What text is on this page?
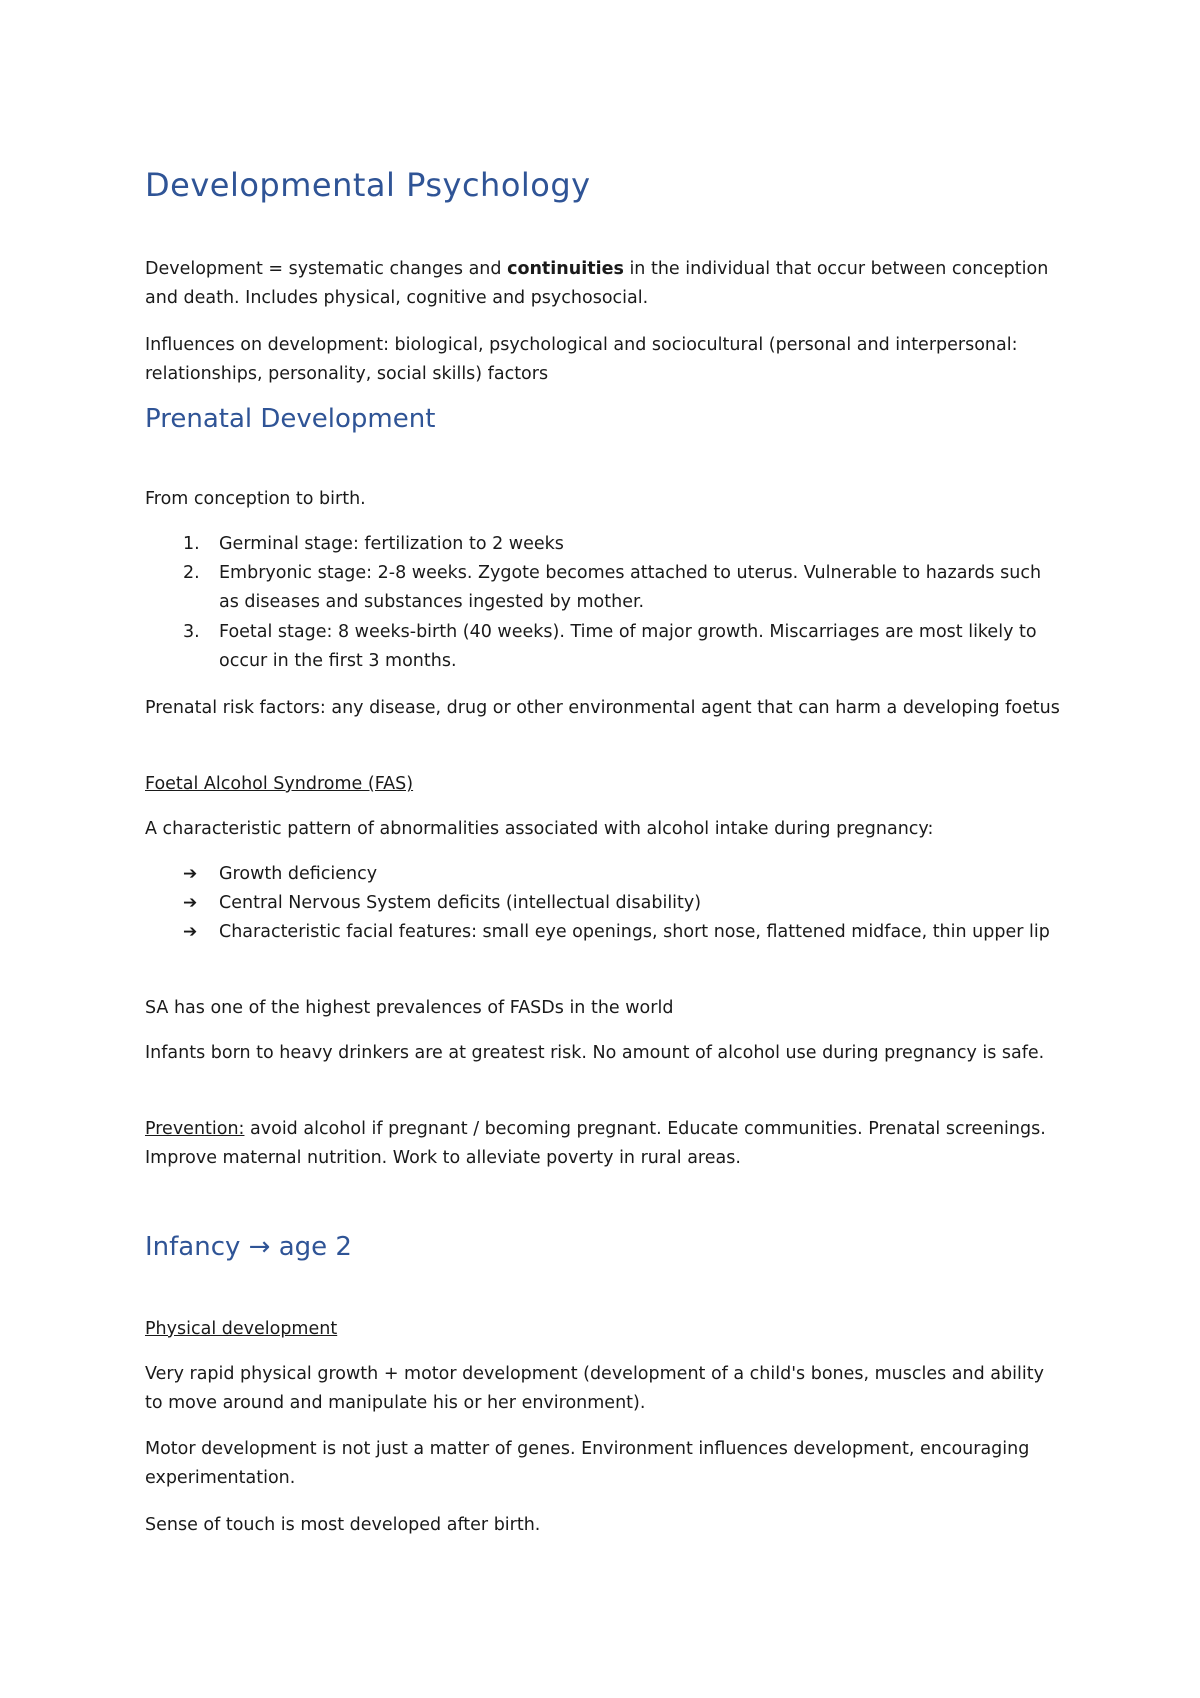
Developmental Psychology

Development = systematic changes and continuities in the individual that occur between conception and death. Includes physical, cognitive and psychosocial.

Influences on development: biological, psychological and sociocultural (personal and interpersonal: relationships, personality, social skills) factors

Prenatal Development

From conception to birth.

1.	Germinal stage: fertilization to 2 weeks
2.	Embryonic stage: 2-8 weeks. Zygote becomes attached to uterus. Vulnerable to hazards such as diseases and substances ingested by mother.
3.	Foetal stage: 8 weeks-birth (40 weeks). Time of major growth. Miscarriages are most likely to occur in the first 3 months.

Prenatal risk factors: any disease, drug or other environmental agent that can harm a developing foetus

Foetal Alcohol Syndrome (FAS)

A characteristic pattern of abnormalities associated with alcohol intake during pregnancy:

➔	Growth deficiency
➔	Central Nervous System deficits (intellectual disability)
➔	Characteristic facial features: small eye openings, short nose, flattened midface, thin upper lip

SA has one of the highest prevalences of FASDs in the world

Infants born to heavy drinkers are at greatest risk. No amount of alcohol use during pregnancy is safe.

Prevention: avoid alcohol if pregnant / becoming pregnant. Educate communities. Prenatal screenings. Improve maternal nutrition. Work to alleviate poverty in rural areas.

Infancy → age 2

Physical development

Very rapid physical growth + motor development (development of a child's bones, muscles and ability to move around and manipulate his or her environment).

Motor development is not just a matter of genes. Environment influences development, encouraging experimentation.

Sense of touch is most developed after birth.
